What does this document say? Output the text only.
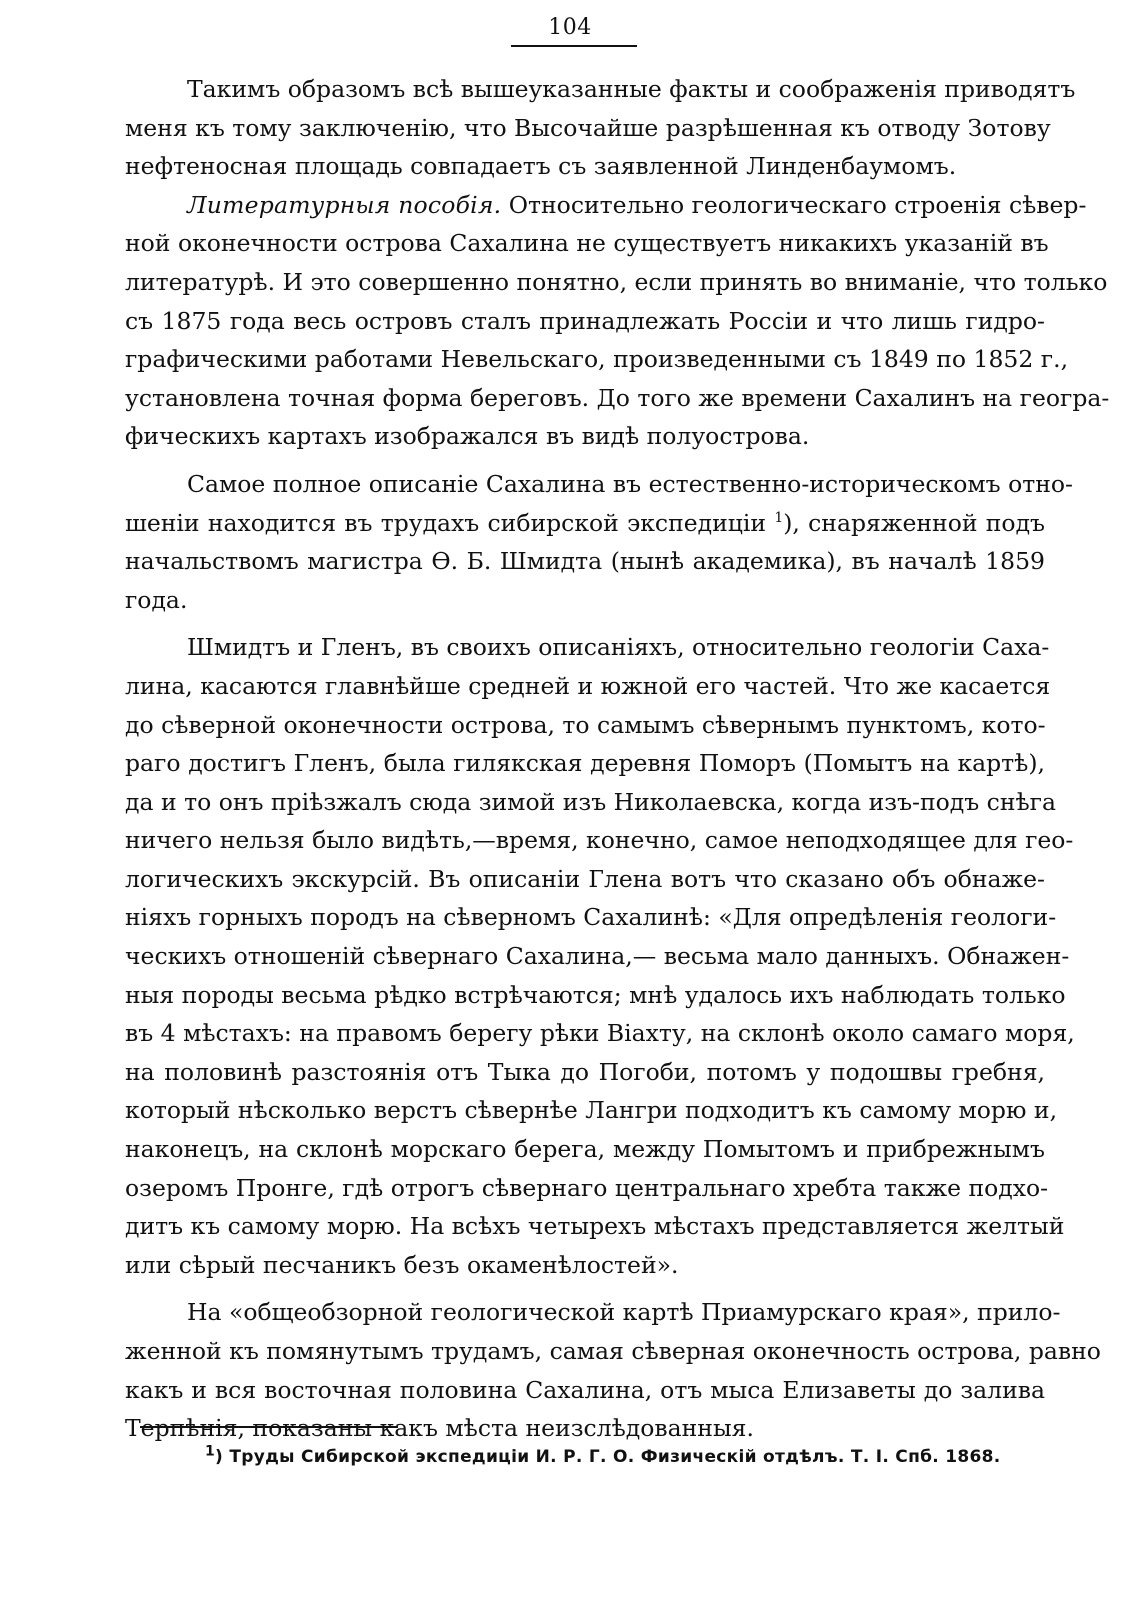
104
Такимъ образомъ всѣ вышеуказанные факты и соображенія приводятъ
меня къ тому заключенію, что Высочайше разрѣшенная къ отводу Зотову
нефтеносная площадь совпадаетъ съ заявленной Линденбаумомъ.
Литературныя пособія. Относительно геологическаго строенія сѣвер-
ной оконечности острова Сахалина не существуетъ никакихъ указаній въ
литературѣ. И это совершенно понятно, если принять во вниманіе, что только
съ 1875 года весь островъ сталъ принадлежать Россіи и что лишь гидро-
графическими работами Невельскаго, произведенными съ 1849 по 1852 г.,
установлена точная форма береговъ. До того же времени Сахалинъ на геогра-
фическихъ картахъ изображался въ видѣ полуострова.
Самое полное описаніе Сахалина въ естественно-историческомъ отно-
шеніи находится въ трудахъ сибирской экспедиціи $^1$), снаряженной подъ
начальствомъ магистра Ѳ. Б. Шмидта (нынѣ академика), въ началѣ 1859
года.
Шмидтъ и Гленъ, въ своихъ описаніяхъ, относительно геологіи Саха-
лина, касаются главнѣйше средней и южной его частей. Что же касается
до сѣверной оконечности острова, то самымъ сѣвернымъ пунктомъ, кото-
раго достигъ Гленъ, была гилякская деревня Поморъ (Помытъ на картѣ),
да и то онъ пріѣзжалъ сюда зимой изъ Николаевска, когда изъ-подъ снѣга
ничего нельзя было видѣть,—время, конечно, самое неподходящее для гео-
логическихъ экскурсій. Въ описаніи Глена вотъ что сказано объ обнаже-
ніяхъ горныхъ породъ на сѣверномъ Сахалинѣ: «Для опредѣленія геологи-
ческихъ отношеній сѣвернаго Сахалина,— весьма мало данныхъ. Обнажен-
ныя породы весьма рѣдко встрѣчаются; мнѣ удалось ихъ наблюдать только
въ 4 мѣстахъ: на правомъ берегу рѣки Віахту, на склонѣ около самаго моря,
на половинѣ разстоянія отъ Тыка до Погоби, потомъ у подошвы гребня,
который нѣсколько верстъ сѣвернѣе Лангри подходитъ къ самому морю и,
наконецъ, на склонѣ морскаго берега, между Помытомъ и прибрежнымъ
озеромъ Пронге, гдѣ отрогъ сѣвернаго центральнаго хребта также подхо-
дитъ къ самому морю. На всѣхъ четырехъ мѣстахъ представляется желтый
или сѣрый песчаникъ безъ окаменѣлостей».
На «общеобзорной геологической картѣ Приамурскаго края», прило-
женной къ помянутымъ трудамъ, самая сѣверная оконечность острова, равно
какъ и вся восточная половина Сахалина, отъ мыса Елизаветы до залива
Терпѣнія, показаны какъ мѣста неизслѣдованныя.
$^1$) Труды Сибирской экспедиціи И. Р. Г. О. Физическій отдѣлъ. Т. I. Спб. 1868.
